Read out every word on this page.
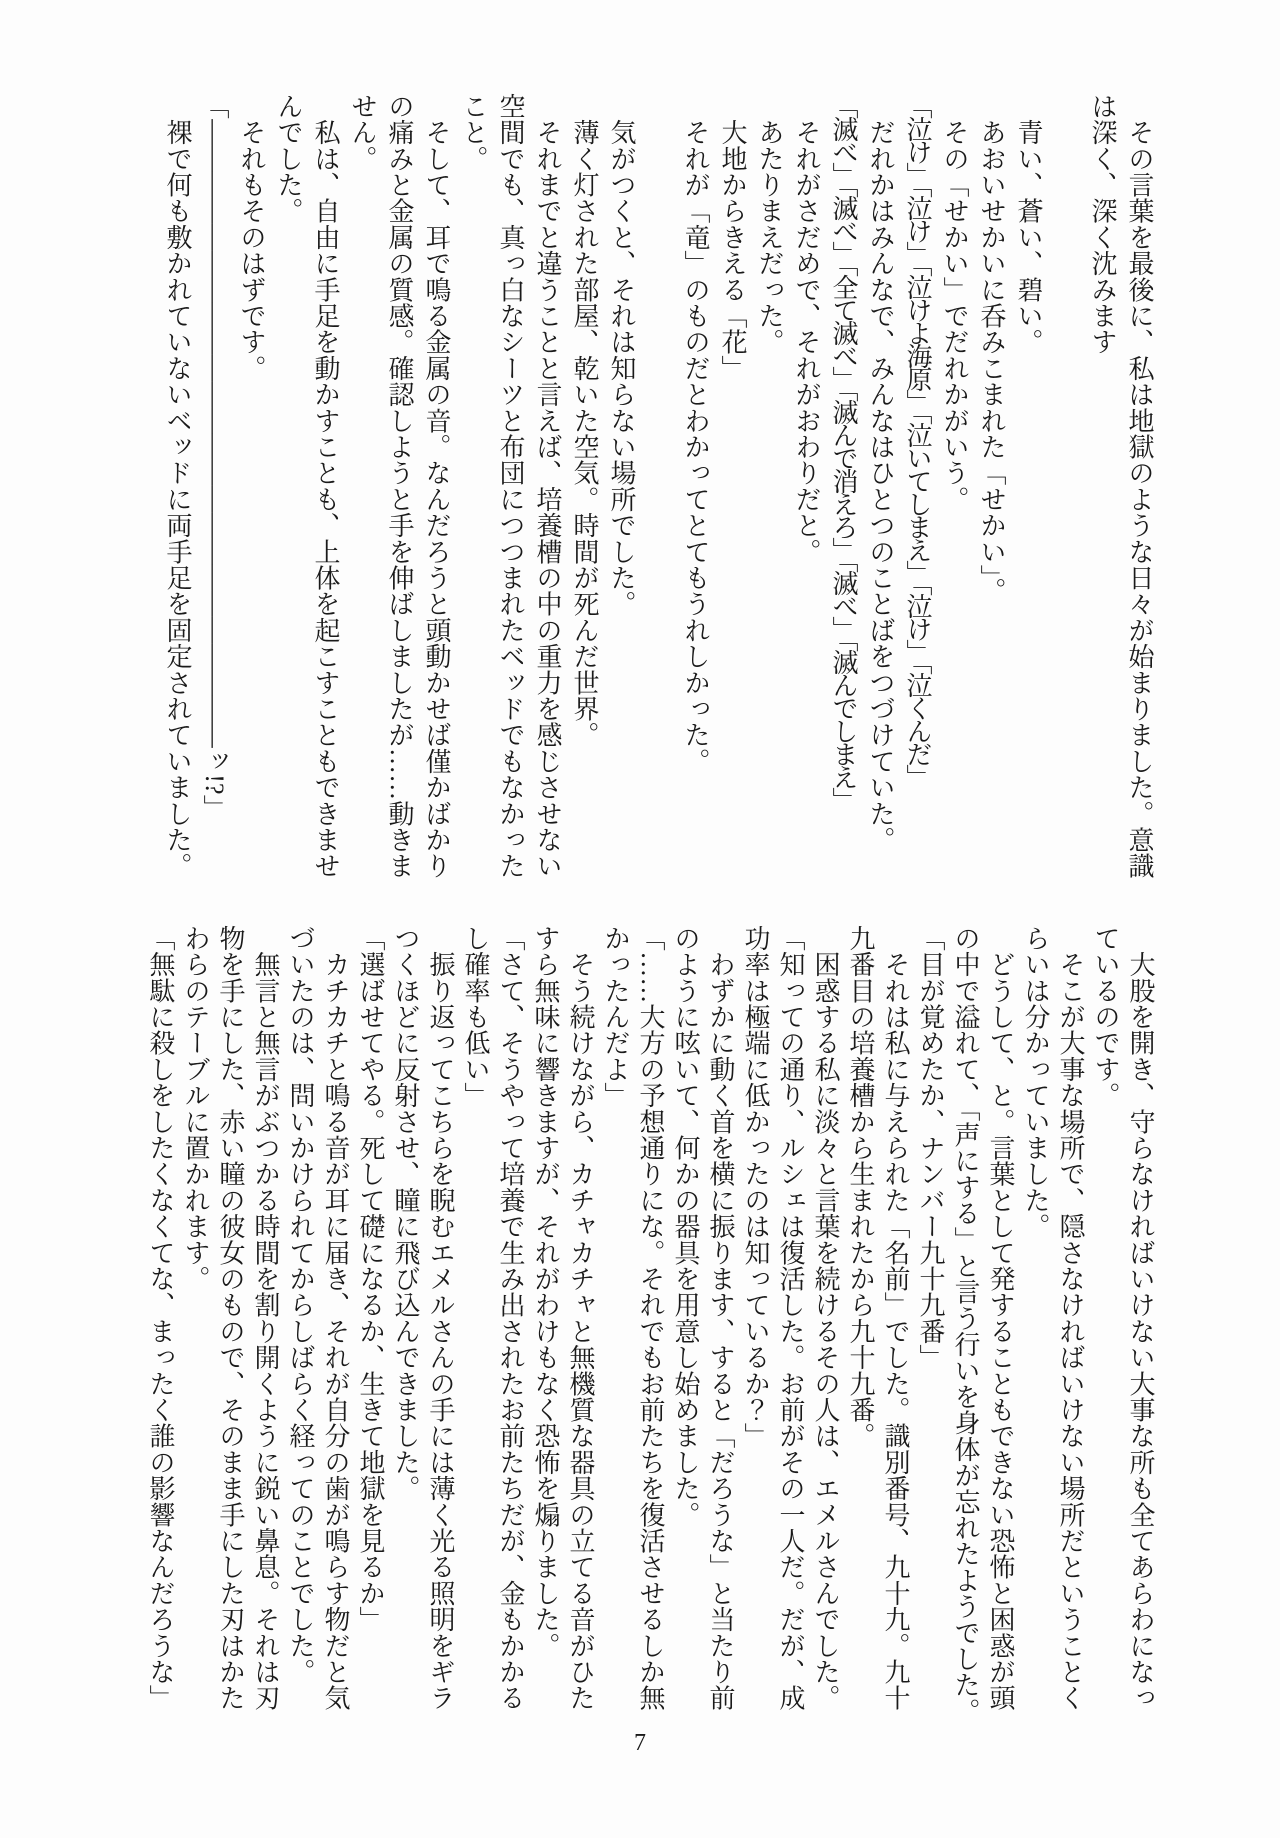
　その言葉を最後に、私は地獄のような日々が始まりました。意識

は深く、深く沈みます

　青い、蒼い、碧い。

　あおいせかいに呑みこまれた「せかい」。

　その「せかい」でだれかがいう。

「泣け」「泣け」「泣けよ海原」「泣いてしまえ」「泣け」「泣くんだ」

　だれかはみんなで、みんなはひとつのことばをつづけていた。

「滅べ」「滅べ」「全て滅べ」「滅んで消えろ」「滅べ」「滅んでしまえ」

　それがさだめで、それがおわりだと。

　あたりまえだった。

　大地からきえる「花」

　それが「竜」のものだとわかってとてもうれしかった。

　気がつくと、それは知らない場所でした。

　薄く灯された部屋、乾いた空気。時間が死んだ世界。

　それまでと違うことと言えば、培養槽の中の重力を感じさせない

空間でも、真っ白なシーツと布団につつまれたベッドでもなかった

こと。

　そして、耳で鳴る金属の音。なんだろうと頭動かせば僅かばかり

の痛みと金属の質感。確認しようと手を伸ばしましたが……動きま

せん。

　私は、自由に手足を動かすことも、上体を起こすこともできませ

んでした。

　それもそのはずです。

「――――――――――――――――――――――――ッ!?」

　裸で何も敷かれていないベッドに両手足を固定されていました。

　大股を開き、守らなければいけない大事な所も全てあらわになっ

ているのです。

　そこが大事な場所で、隠さなければいけない場所だということく

らいは分かっていました。

　どうして、と。言葉として発することもできない恐怖と困惑が頭

の中で溢れて、「声にする」と言う行いを身体が忘れたようでした。

「目が覚めたか、ナンバー九十九番」

　それは私に与えられた「名前」でした。識別番号、九十九。九十

九番目の培養槽から生まれたから九十九番。

　困惑する私に淡々と言葉を続けるその人は、エメルさんでした。

「知っての通り、ルシェは復活した。お前がその一人だ。だが、成

功率は極端に低かったのは知っているか？」

　わずかに動く首を横に振ります、すると「だろうな」と当たり前

のように呟いて、何かの器具を用意し始めました。

「……大方の予想通りにな。それでもお前たちを復活させるしか無

かったんだよ」

　そう続けながら、カチャカチャと無機質な器具の立てる音がひた

すら無味に響きますが、それがわけもなく恐怖を煽りました。

「さて、そうやって培養で生み出されたお前たちだが、金もかかる

し確率も低い」

　振り返ってこちらを睨むエメルさんの手には薄く光る照明をギラ

つくほどに反射させ、瞳に飛び込んできました。

「選ばせてやる。死して礎になるか、生きて地獄を見るか」

　カチカチと鳴る音が耳に届き、それが自分の歯が鳴らす物だと気

づいたのは、問いかけられてからしばらく経ってのことでした。

　無言と無言がぶつかる時間を割り開くように鋭い鼻息。それは刃

物を手にした、赤い瞳の彼女のもので、そのまま手にした刃はかた

わらのテーブルに置かれます。

「無駄に殺しをしたくなくてな、まったく誰の影響なんだろうな」

7
